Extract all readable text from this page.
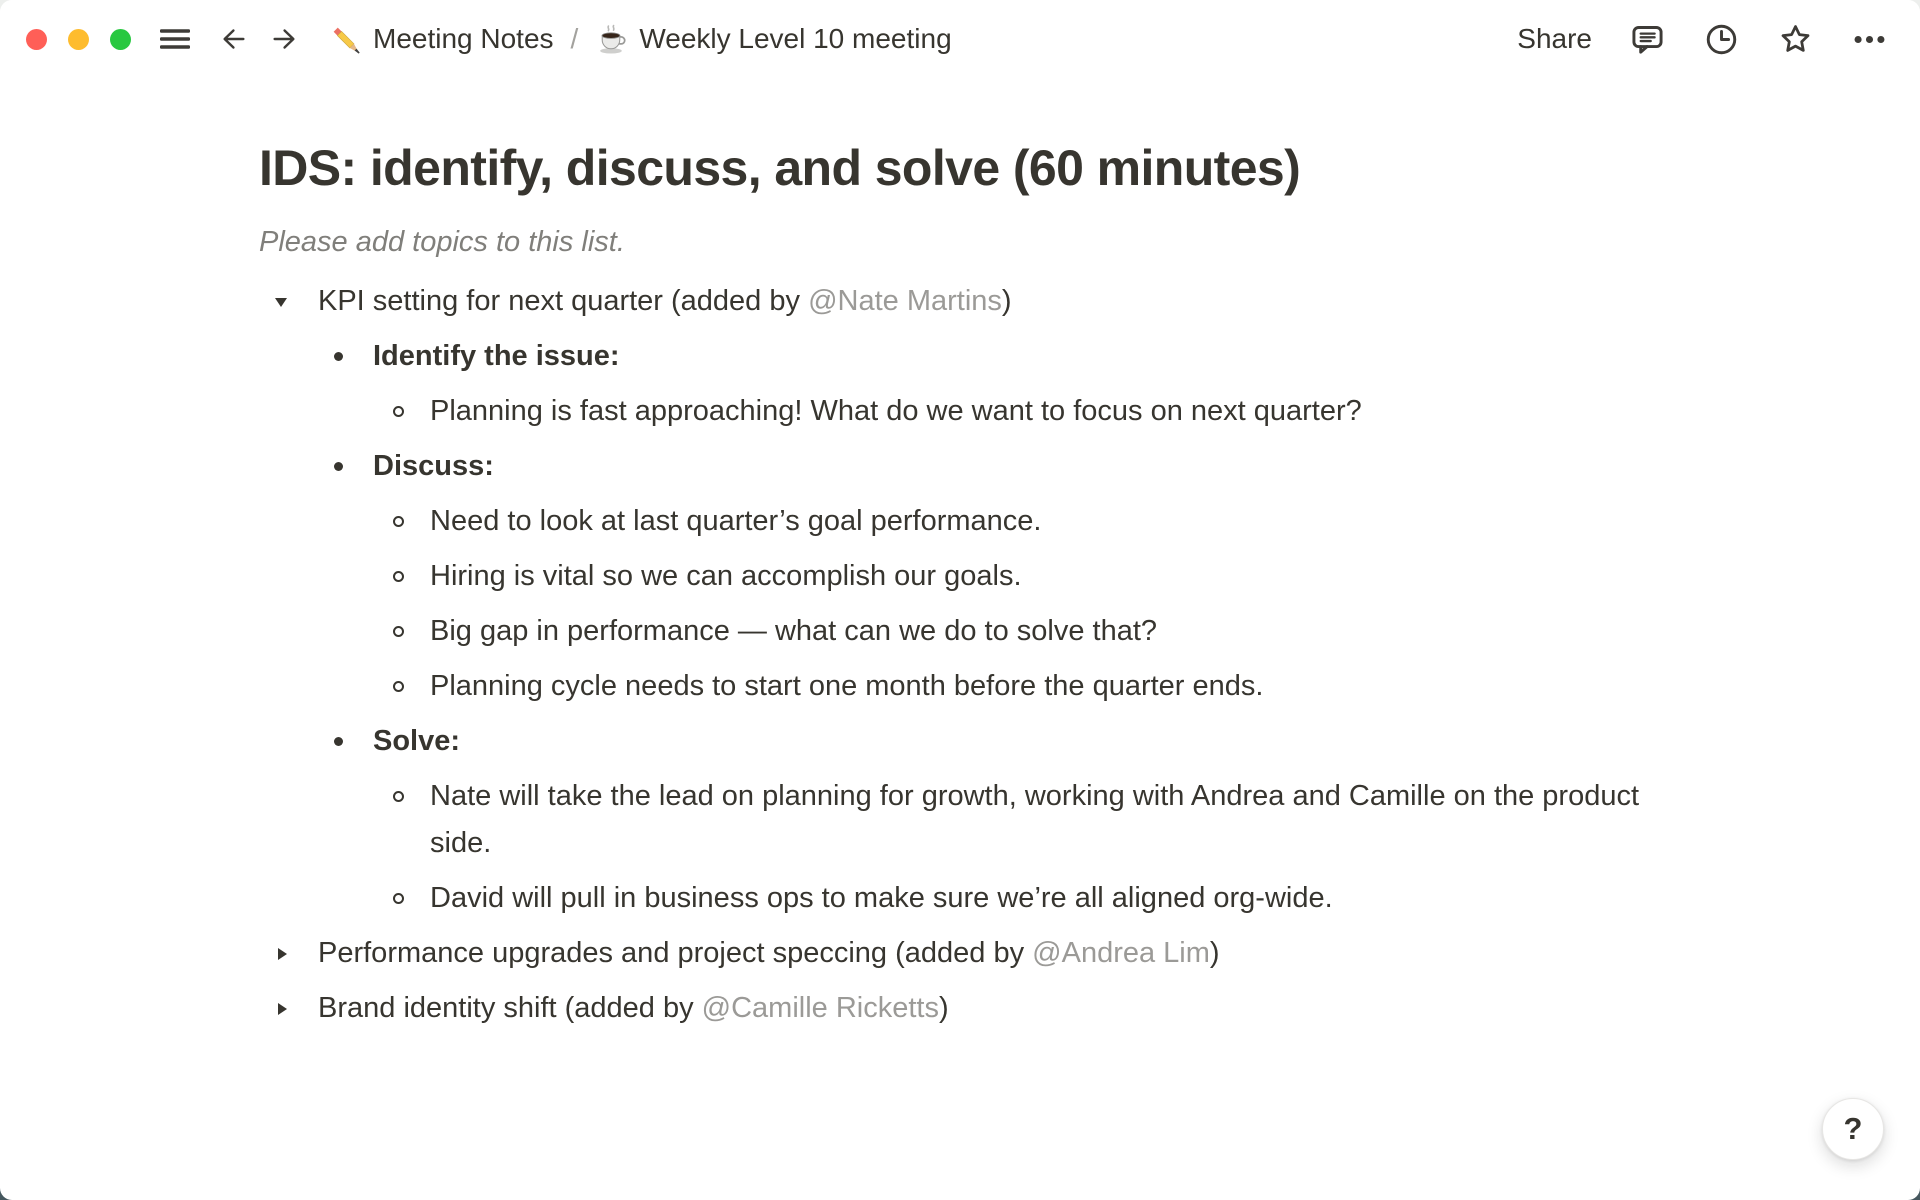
Meeting Notes / Weekly Level 10 meeting	Share
IDS: identify, discuss, and solve (60 minutes)

Please add topics to this list.

KPI setting for next quarter (added by @Nate Martins)
Identify the issue:
Planning is fast approaching! What do we want to focus on next quarter?
Discuss:
Need to look at last quarter’s goal performance.
Hiring is vital so we can accomplish our goals.
Big gap in performance — what can we do to solve that?
Planning cycle needs to start one month before the quarter ends.
Solve:
Nate will take the lead on planning for growth, working with Andrea and Camille on the product side.
David will pull in business ops to make sure we’re all aligned org-wide.
Performance upgrades and project speccing (added by @Andrea Lim)
Brand identity shift (added by @Camille Ricketts)
?
